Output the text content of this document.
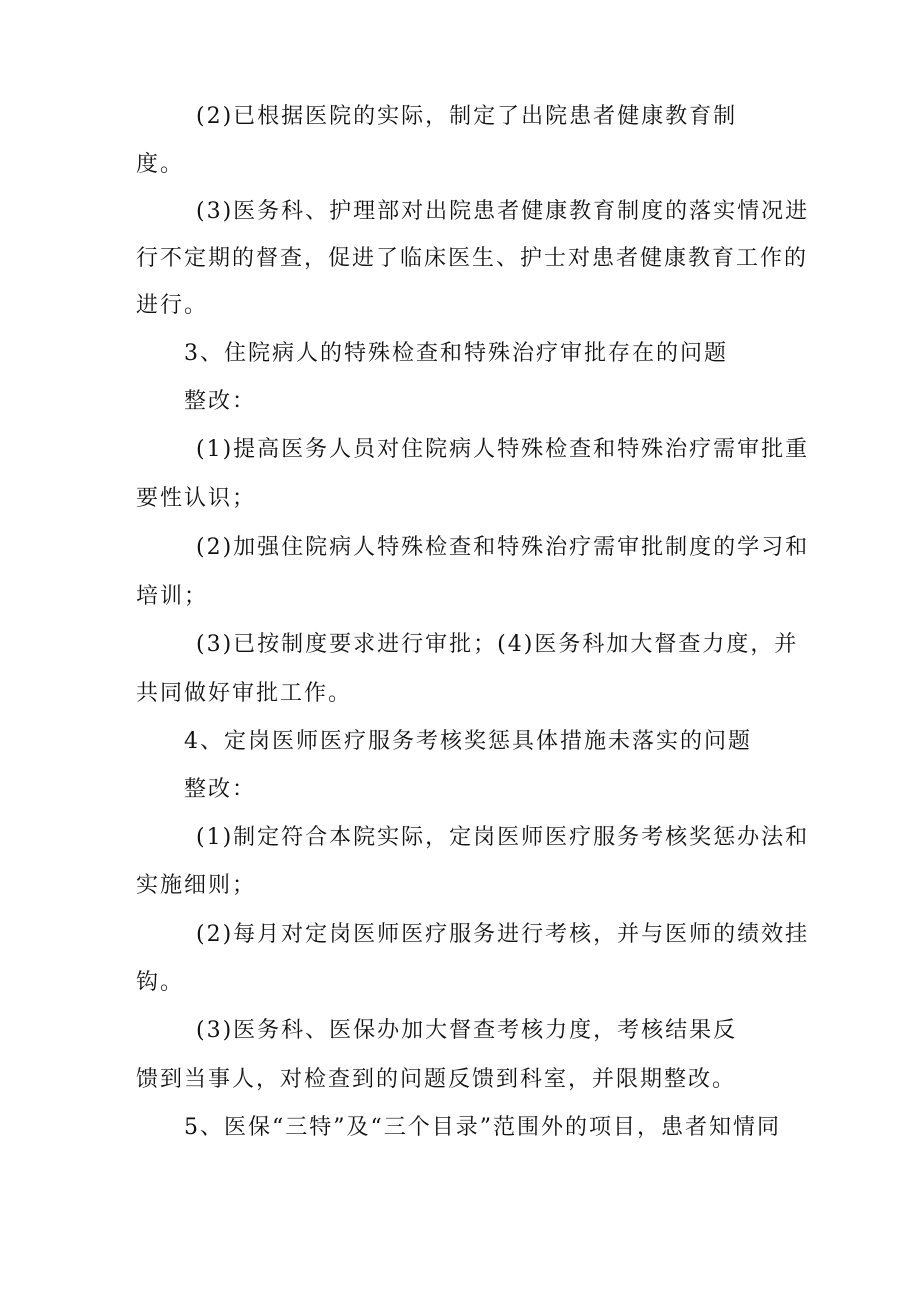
(2)已根据医院的实际，制定了出院患者健康教育制
度。
(3)医务科、护理部对出院患者健康教育制度的落实情况进
行不定期的督查，促进了临床医生、护士对患者健康教育工作的
进行。
3、住院病人的特殊检查和特殊治疗审批存在的问题
整改：
(1)提高医务人员对住院病人特殊检查和特殊治疗需审批重
要性认识；
(2)加强住院病人特殊检查和特殊治疗需审批制度的学习和
培训；
(3)已按制度要求进行审批；(4)医务科加大督查力度，并
共同做好审批工作。
4、定岗医师医疗服务考核奖惩具体措施未落实的问题
整改：
(1)制定符合本院实际，定岗医师医疗服务考核奖惩办法和
实施细则；
(2)每月对定岗医师医疗服务进行考核，并与医师的绩效挂
钩。
(3)医务科、医保办加大督查考核力度，考核结果反
馈到当事人，对检查到的问题反馈到科室，并限期整改。
5、医保“三特”及“三个目录”范围外的项目，患者知情同
